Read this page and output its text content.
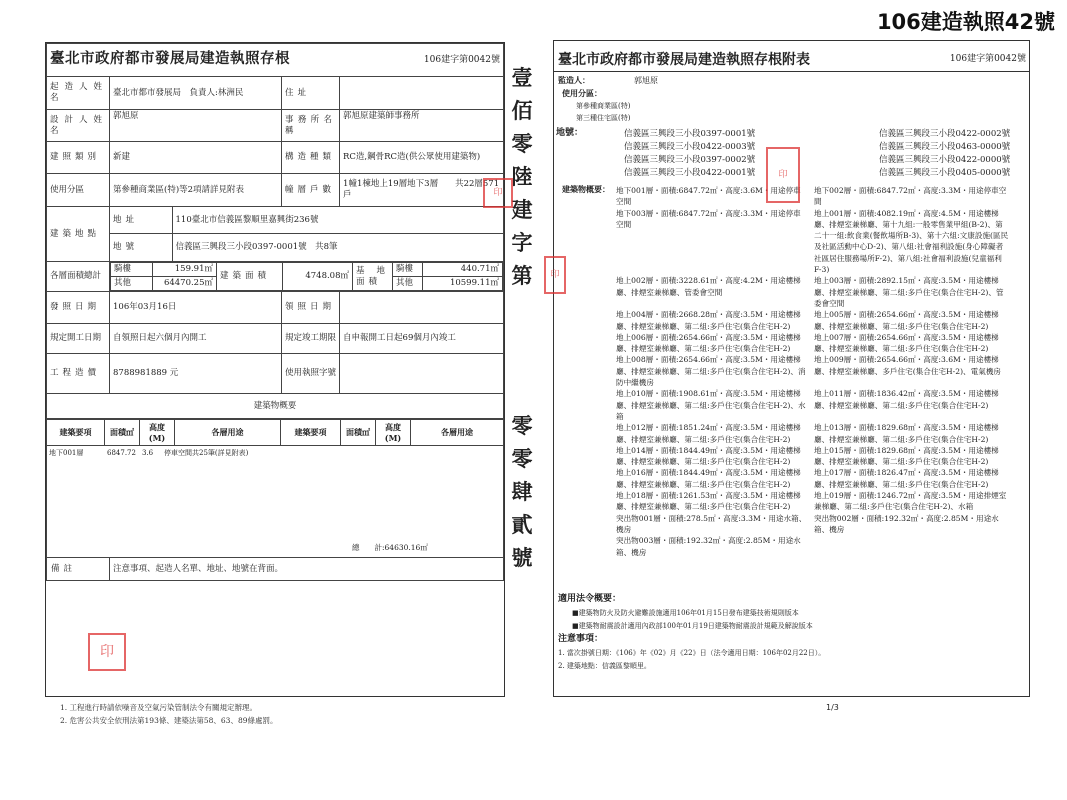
106建造執照42號
臺北市政府都市發展局建造執照存根	106建字第0042號
起造人姓名	臺北市都市發展局　負責人:林洲民	住址	
設計人姓名	郭旭原	事務所名稱	郭旭原建築師事務所
建照類別	新建	構造種類	RC造,鋼骨RC造(供公眾使用建築物)
使用分區	第參種商業區(特)等2項請詳見附表	幢層戶數	1幢1棟地上19層地下3層　　共22層571戶
建築地點	
地址	110臺北市信義區黎順里嘉興街236號

地號	信義區三興段三小段0397-0001號　共8筆

各層面積總計	
騎樓	159.91㎡	建築面積	4748.08㎡	基地面積	騎樓	440.71㎡
其他	64470.25㎡	其他	10599.11㎡

發照日期	106年03月16日	領照日期	
規定開工日期	自領照日起六個月內開工	規定竣工期限	自申報開工日起69個月內竣工
工程造價	8788981889 元	使用執照字號	
建築物概要
建築要項	面積㎡	高度(M)	各層用途	建築要項	面積㎡	高度(M)	各層用途

地下001層	6847.72 3.6	停車空間共25筆(詳見附表)
總　　計:64630.16㎡

備註	注意事項、起造人名單、地址、地號在背面。
印
1. 工程進行時請依噪音及空氣污染管制法令有關規定辦理。
2. 危害公共安全依刑法第193條、建築法第58、63、89條處罰。
壹佰零陸建字第
零零肆貳號
印
臺北市政府都市發展局建造執照存根附表	106建字第0042號
監造人：	郭旭原
使用分區：
第參種商業區(特)
第三種住宅區(特)
地號：	信義區三興段三小段0397-0001號	信義區三興段三小段0422-0002號
信義區三興段三小段0422-0003號	信義區三興段三小段0463-0000號
信義區三興段三小段0397-0002號	信義區三興段三小段0422-0000號
信義區三興段三小段0422-0001號	信義區三興段三小段0405-0000號
建築物概要： 地下001層・面積:6847.72㎡・高度:3.6M・用途停車空間
地下002層・面積:6847.72㎡・高度:3.3M・用途停車空間
地下003層・面積:6847.72㎡・高度:3.3M・用途停車空間
地上001層・面積:4082.19㎡・高度:4.5M・用途樓梯廳、排煙室兼梯廳、第十九組:一般零售業甲組(B-2)、第二十一組:飲食業(餐飲場所B-3)、第十六組:文康設施(區民及社區活動中心D-2)、第八組:社會福利設施(身心障礙者社區居住服務場所F-2)、第八組:社會福利設施(兒童福利F-3)
地上002層・面積:3228.61㎡・高度:4.2M・用途樓梯廳、排煙室兼梯廳、管委會空間
地上003層・面積:2892.15㎡・高度:3.5M・用途樓梯廳、排煙室兼梯廳、第二組:多戶住宅(集合住宅H-2)、管委會空間
地上004層・面積:2668.28㎡・高度:3.5M・用途樓梯廳、排煙室兼梯廳、第二組:多戶住宅(集合住宅H-2)
地上005層・面積:2654.66㎡・高度:3.5M・用途樓梯廳、排煙室兼梯廳、第二組:多戶住宅(集合住宅H-2)
地上006層・面積:2654.66㎡・高度:3.5M・用途樓梯廳、排煙室兼梯廳、第二組:多戶住宅(集合住宅H-2)
地上007層・面積:2654.66㎡・高度:3.5M・用途樓梯廳、排煙室兼梯廳、第二組:多戶住宅(集合住宅H-2)
地上008層・面積:2654.66㎡・高度:3.5M・用途樓梯廳、排煙室兼梯廳、第二組:多戶住宅(集合住宅H-2)、消防中繼機房
地上009層・面積:2654.66㎡・高度:3.6M・用途樓梯廳、排煙室兼梯廳、多戶住宅(集合住宅H-2)、電氣機房
地上010層・面積:1908.61㎡・高度:3.5M・用途樓梯廳、排煙室兼梯廳、第二組:多戶住宅(集合住宅H-2)、水箱
地上011層・面積:1836.42㎡・高度:3.5M・用途樓梯廳、排煙室兼梯廳、第二組:多戶住宅(集合住宅H-2)
地上012層・面積:1851.24㎡・高度:3.5M・用途樓梯廳、排煙室兼梯廳、第二組:多戶住宅(集合住宅H-2)
地上013層・面積:1829.68㎡・高度:3.5M・用途樓梯廳、排煙室兼梯廳、第二組:多戶住宅(集合住宅H-2)
地上014層・面積:1844.49㎡・高度:3.5M・用途樓梯廳、排煙室兼梯廳、第二組:多戶住宅(集合住宅H-2)
地上015層・面積:1829.68㎡・高度:3.5M・用途樓梯廳、排煙室兼梯廳、第二組:多戶住宅(集合住宅H-2)
地上016層・面積:1844.49㎡・高度:3.5M・用途樓梯廳、排煙室兼梯廳、第二組:多戶住宅(集合住宅H-2)
地上017層・面積:1826.47㎡・高度:3.5M・用途樓梯廳、排煙室兼梯廳、第二組:多戶住宅(集合住宅H-2)
地上018層・面積:1261.53㎡・高度:3.5M・用途樓梯廳、排煙室兼梯廳、第二組:多戶住宅(集合住宅H-2)
地上019層・面積:1246.72㎡・高度:3.5M・用途排煙室兼梯廳、第二組:多戶住宅(集合住宅H-2)、水箱
突出物001層・面積:278.5㎡・高度:3.3M・用途水箱、機房
突出物002層・面積:192.32㎡・高度:2.85M・用途水箱、機房
突出物003層・面積:192.32㎡・高度:2.85M・用途水箱、機房
適用法令概要：
■建築物防火及防火避難設施適用106年01月15日發布建築技術規則版本
■建築物耐震設計適用內政部100年01月19日建築物耐震設計規範及解說版本
注意事項：
1. 當次掛號日期：《106》年《02》月《22》日（法令適用日期：106年02月22日）。
2. 建築地點：信義區黎順里。
印
印
1/3
